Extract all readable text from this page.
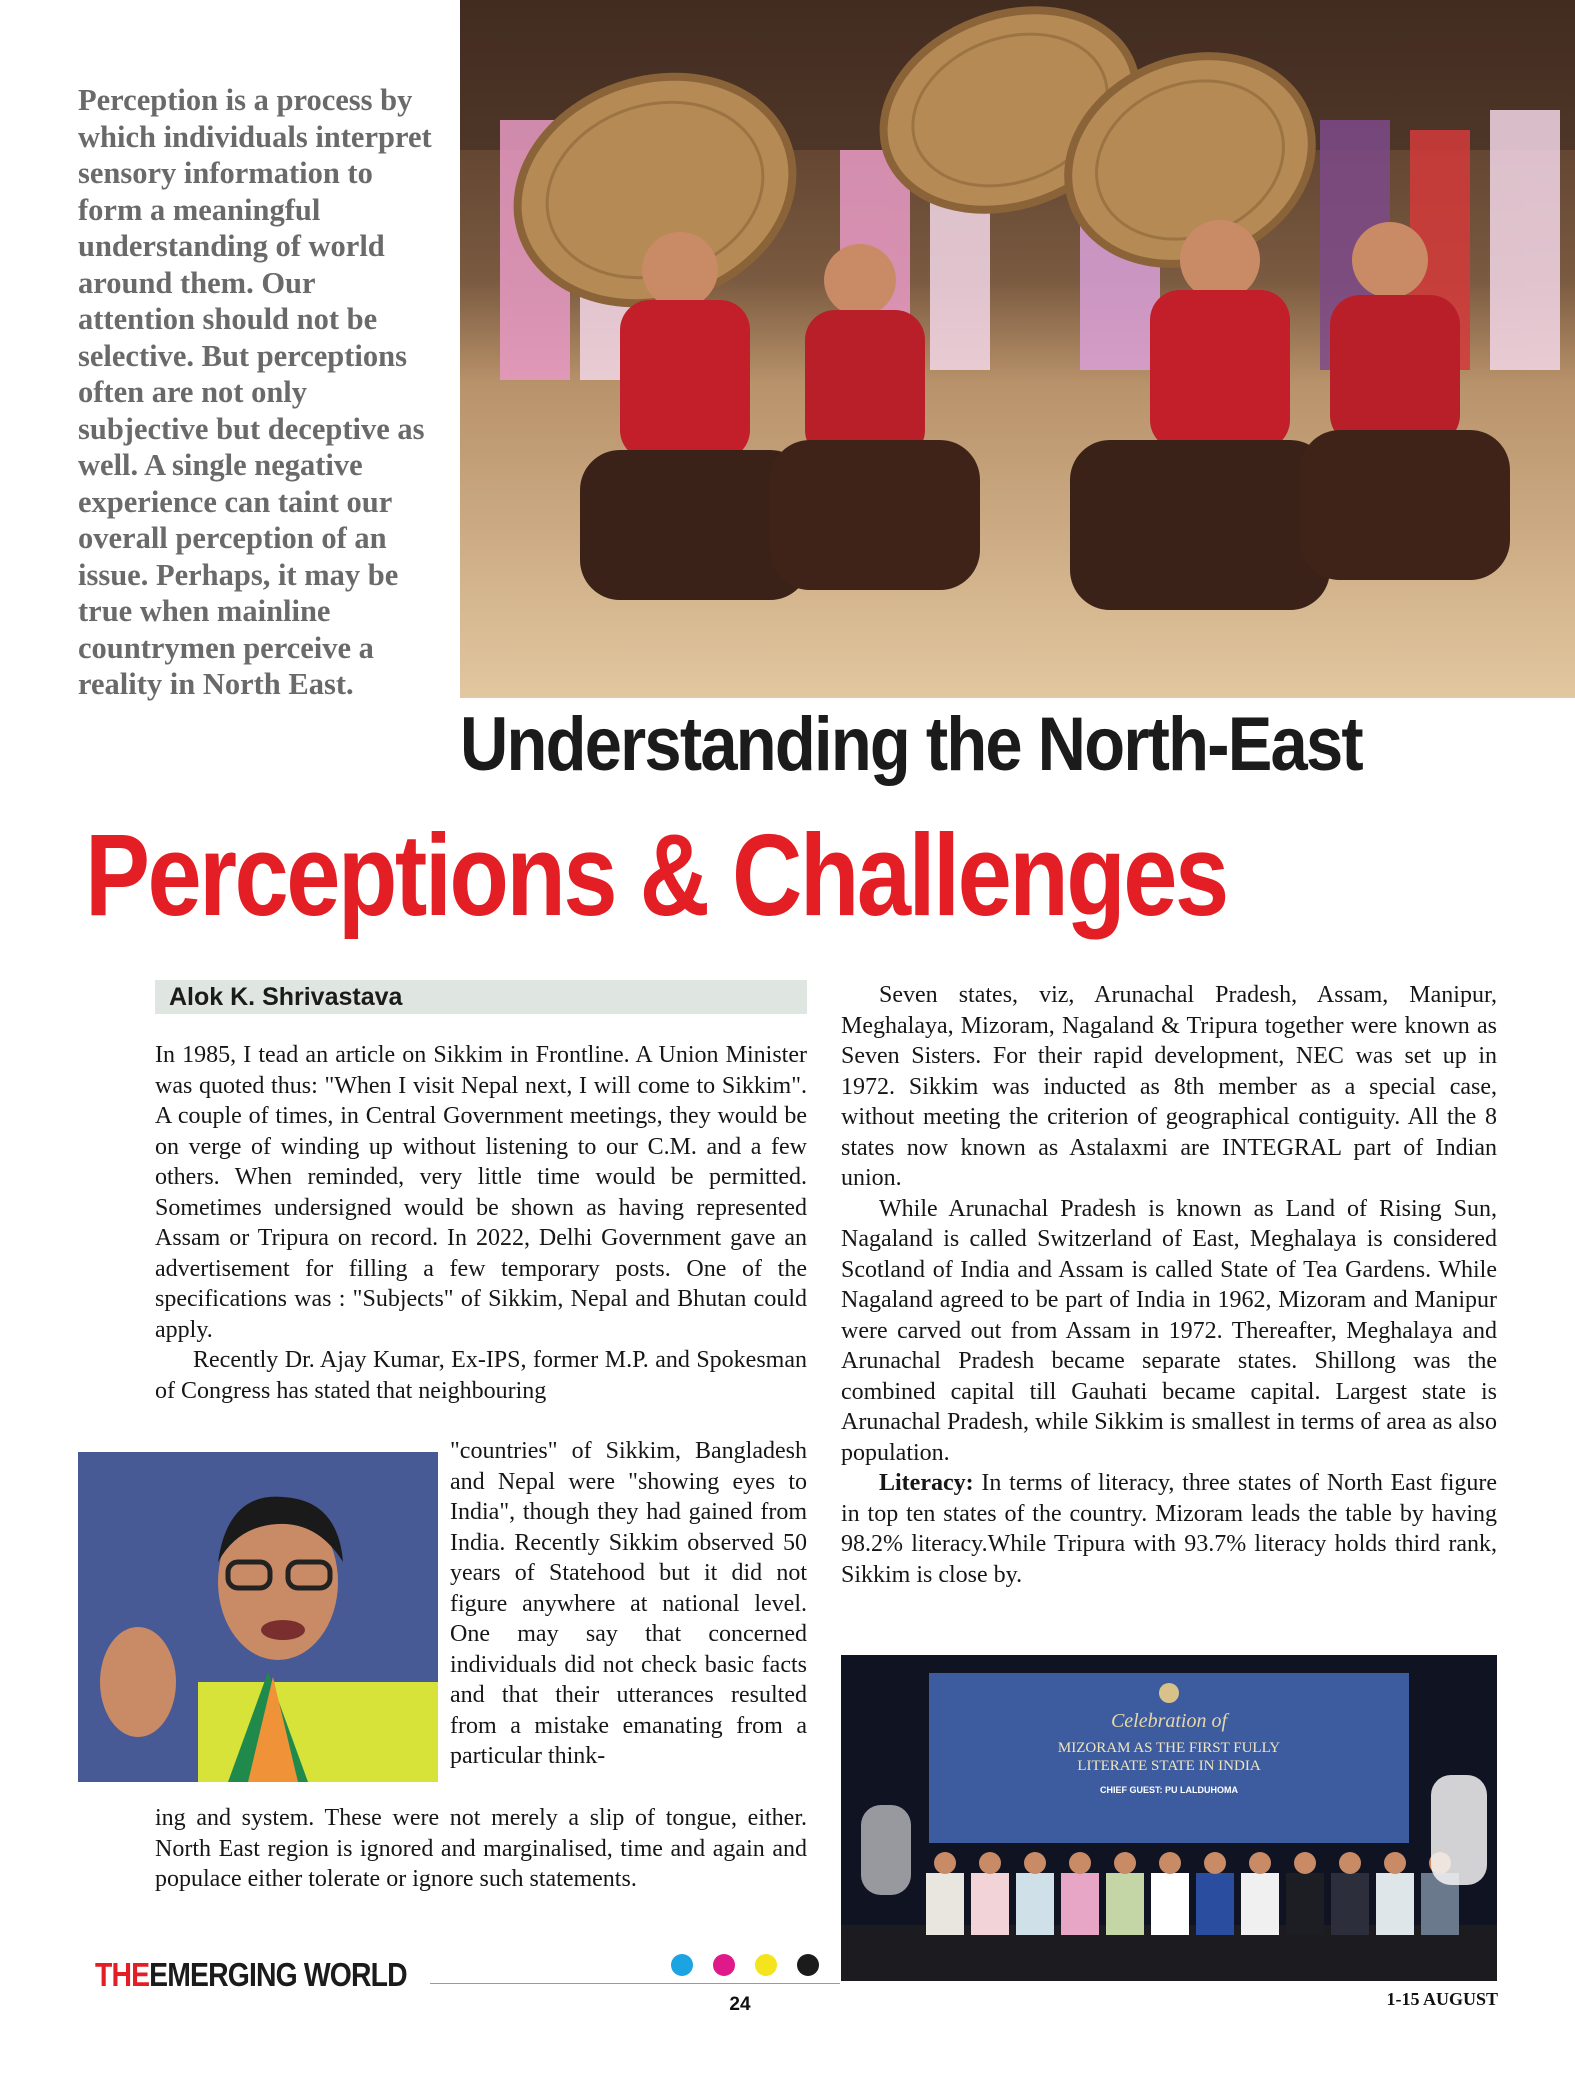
Perception is a process by which individuals interpret sensory information to form a meaningful understanding of world around them. Our attention should not be selective. But perceptions often are not only subjective but deceptive as well. A single negative experience can taint our overall perception of an issue. Perhaps, it may be true when mainline countrymen perceive a reality in North East.

Understanding the North-East
Perceptions & Challenges
Alok K. Shrivastava

In 1985, I tead an article on Sikkim in Frontline. A Union Minister was quoted thus: "When I visit Nepal next, I will come to Sikkim". A couple of times, in Central Government meetings, they would be on verge of winding up without listening to our C.M. and a few others. When reminded, very little time would be permitted. Sometimes undersigned would be shown as having represented Assam or Tripura on record. In 2022, Delhi Government gave an advertisement for filling a few temporary posts. One of the specifications was : "Subjects" of Sikkim, Nepal and Bhutan could apply.

Recently Dr. Ajay Kumar, Ex-IPS, former M.P. and Spokesman of Congress has stated that neighbouring

"countries" of Sikkim, Bangladesh and Nepal were "showing eyes to India", though they had gained from India. Recently Sikkim observed 50 years of Statehood but it did not figure anywhere at national level. One may say that concerned individuals did not check basic facts and that their utterances resulted from a mistake emanating from a particular think-

ing and system. These were not merely a slip of tongue, either. North East region is ignored and marginalised, time and again and populace either tolerate or ignore such statements.

Seven states, viz, Arunachal Pradesh, Assam, Manipur, Meghalaya, Mizoram, Nagaland & Tripura together were known as Seven Sisters. For their rapid development, NEC was set up in 1972. Sikkim was inducted as 8th member as a special case, without meeting the criterion of geographical contiguity. All the 8 states now known as Astalaxmi are INTEGRAL part of Indian union.

While Arunachal Pradesh is known as Land of Rising Sun, Nagaland is called Switzerland of East, Meghalaya is considered Scotland of India and Assam is called State of Tea Gardens. While Nagaland agreed to be part of India in 1962, Mizoram and Manipur were carved out from Assam in 1972. Thereafter, Meghalaya and Arunachal Pradesh became separate states. Shillong was the combined capital till Gauhati became capital. Largest state is Arunachal Pradesh, while Sikkim is smallest in terms of area as also population.

Literacy: In terms of literacy, three states of North East figure in top ten states of the country. Mizoram leads the table by having 98.2% literacy.While Tripura with 93.7% literacy holds third rank, Sikkim is close by.

Celebration of
MIZORAM AS THE FIRST FULLY
LITERATE STATE IN INDIA
CHIEF GUEST: PU LALDUHOMA
THEEMERGING WORLD
24	1-15 AUGUST
